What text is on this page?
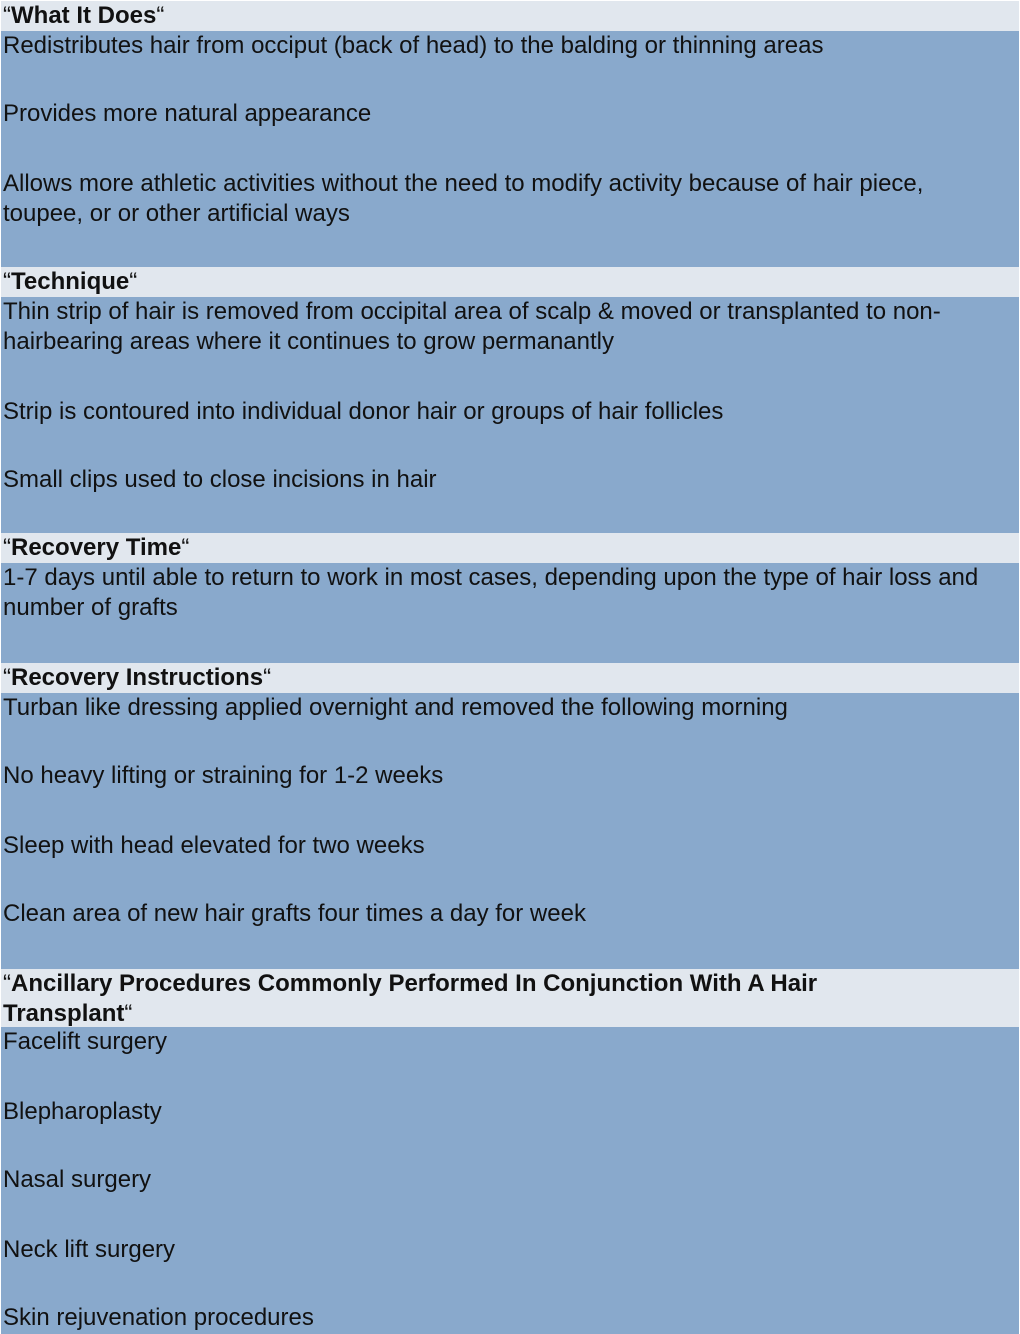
“What It Does“
Redistributes hair from occiput (back of head) to the balding or thinning areas
Provides more natural appearance
Allows more athletic activities without the need to modify activity because of hair piece, toupee, or or other artificial ways
“Technique“
Thin strip of hair is removed from occipital area of scalp & moved or transplanted to non-hairbearing areas where it continues to grow permanantly
Strip is contoured into individual donor hair or groups of hair follicles
Small clips used to close incisions in hair
“Recovery Time“
1-7 days until able to return to work in most cases, depending upon the type of hair loss and number of grafts
“Recovery Instructions“
Turban like dressing applied overnight and removed the following morning
No heavy lifting or straining for 1-2 weeks
Sleep with head elevated for two weeks
Clean area of new hair grafts four times a day for week
“Ancillary Procedures Commonly Performed In Conjunction With A Hair Transplant“
Facelift surgery
Blepharoplasty
Nasal surgery
Neck lift surgery
Skin rejuvenation procedures
